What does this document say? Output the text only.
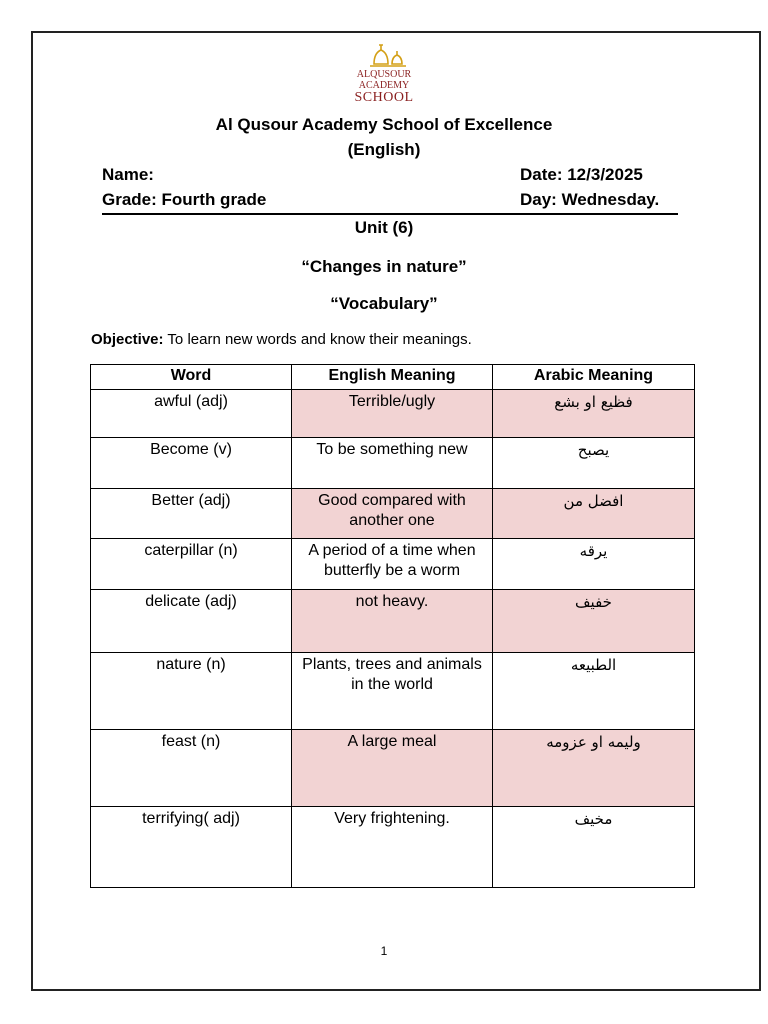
ALQUSOUR
ACADEMY
SCHOOL
Al Qusour Academy School of Excellence
(English)
Name:	Date: 12/3/2025
Grade: Fourth grade	Day: Wednesday.
Unit (6)
“Changes in nature”
“Vocabulary”
Objective: To learn new words and know their meanings.
Word	English Meaning	Arabic Meaning
awful (adj)	Terrible/ugly	فظيع او بشع
Become (v)	To be something new	يصبح
Better (adj)	Good compared with another one	افضل من
caterpillar (n)	A period of a time when butterfly be a worm	يرقه
delicate (adj)	not heavy.	خفيف
nature (n)	Plants, trees and animals in the world	الطبيعه
feast (n)	A large meal	وليمه او عزومه
terrifying( adj)	Very frightening.	مخيف
1
